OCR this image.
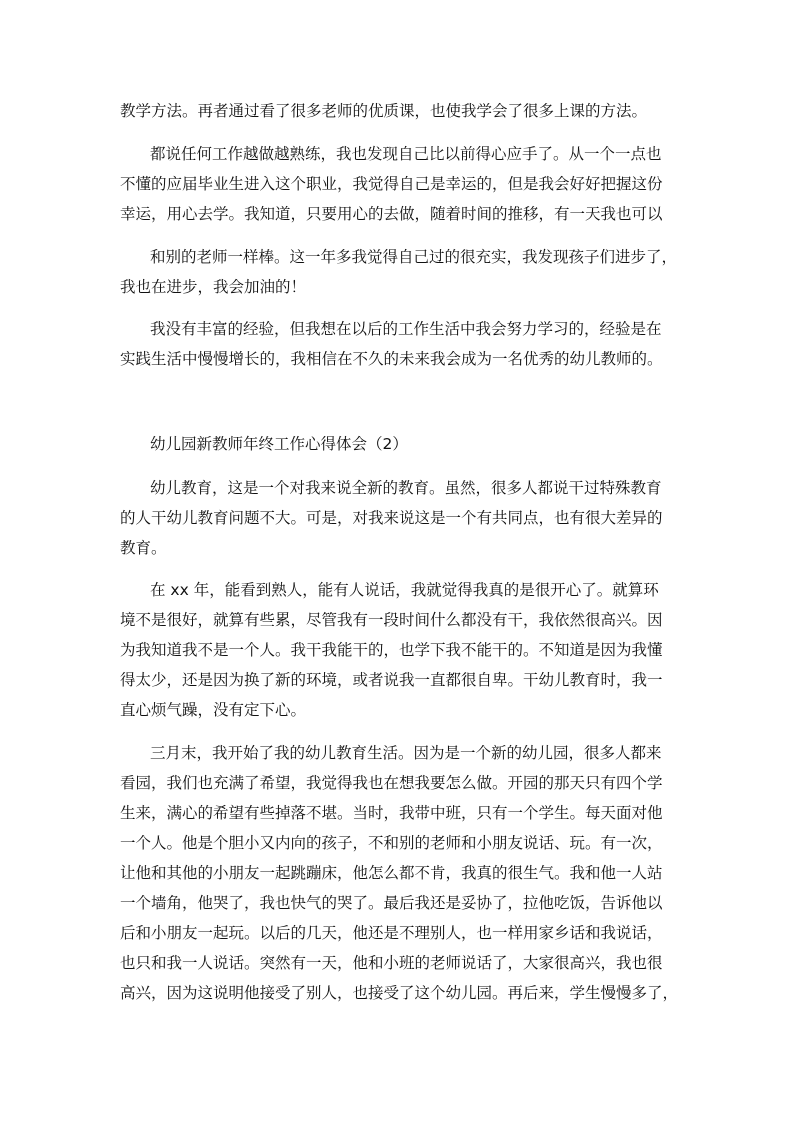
教学方法。再者通过看了很多老师的优质课，也使我学会了很多上课的方法。
都说任何工作越做越熟练，我也发现自己比以前得心应手了。从一个一点也
不懂的应届毕业生进入这个职业，我觉得自己是幸运的，但是我会好好把握这份
幸运，用心去学。我知道，只要用心的去做，随着时间的推移，有一天我也可以
和别的老师一样棒。这一年多我觉得自己过的很充实，我发现孩子们进步了，
我也在进步，我会加油的！
我没有丰富的经验，但我想在以后的工作生活中我会努力学习的，经验是在
实践生活中慢慢增长的，我相信在不久的未来我会成为一名优秀的幼儿教师的。
幼儿园新教师年终工作心得体会（2）
幼儿教育，这是一个对我来说全新的教育。虽然，很多人都说干过特殊教育
的人干幼儿教育问题不大。可是，对我来说这是一个有共同点，也有很大差异的
教育。
在 xx 年，能看到熟人，能有人说话，我就觉得我真的是很开心了。就算环
境不是很好，就算有些累，尽管我有一段时间什么都没有干，我依然很高兴。因
为我知道我不是一个人。我干我能干的，也学下我不能干的。不知道是因为我懂
得太少，还是因为换了新的环境，或者说我一直都很自卑。干幼儿教育时，我一
直心烦气躁，没有定下心。
三月末，我开始了我的幼儿教育生活。因为是一个新的幼儿园，很多人都来
看园，我们也充满了希望，我觉得我也在想我要怎么做。开园的那天只有四个学
生来，满心的希望有些掉落不堪。当时，我带中班，只有一个学生。每天面对他
一个人。他是个胆小又内向的孩子，不和别的老师和小朋友说话、玩。有一次，
让他和其他的小朋友一起跳蹦床，他怎么都不肯，我真的很生气。我和他一人站
一个墙角，他哭了，我也快气的哭了。最后我还是妥协了，拉他吃饭，告诉他以
后和小朋友一起玩。以后的几天，他还是不理别人，也一样用家乡话和我说话，
也只和我一人说话。突然有一天，他和小班的老师说话了，大家很高兴，我也很
高兴，因为这说明他接受了别人，也接受了这个幼儿园。再后来，学生慢慢多了，
